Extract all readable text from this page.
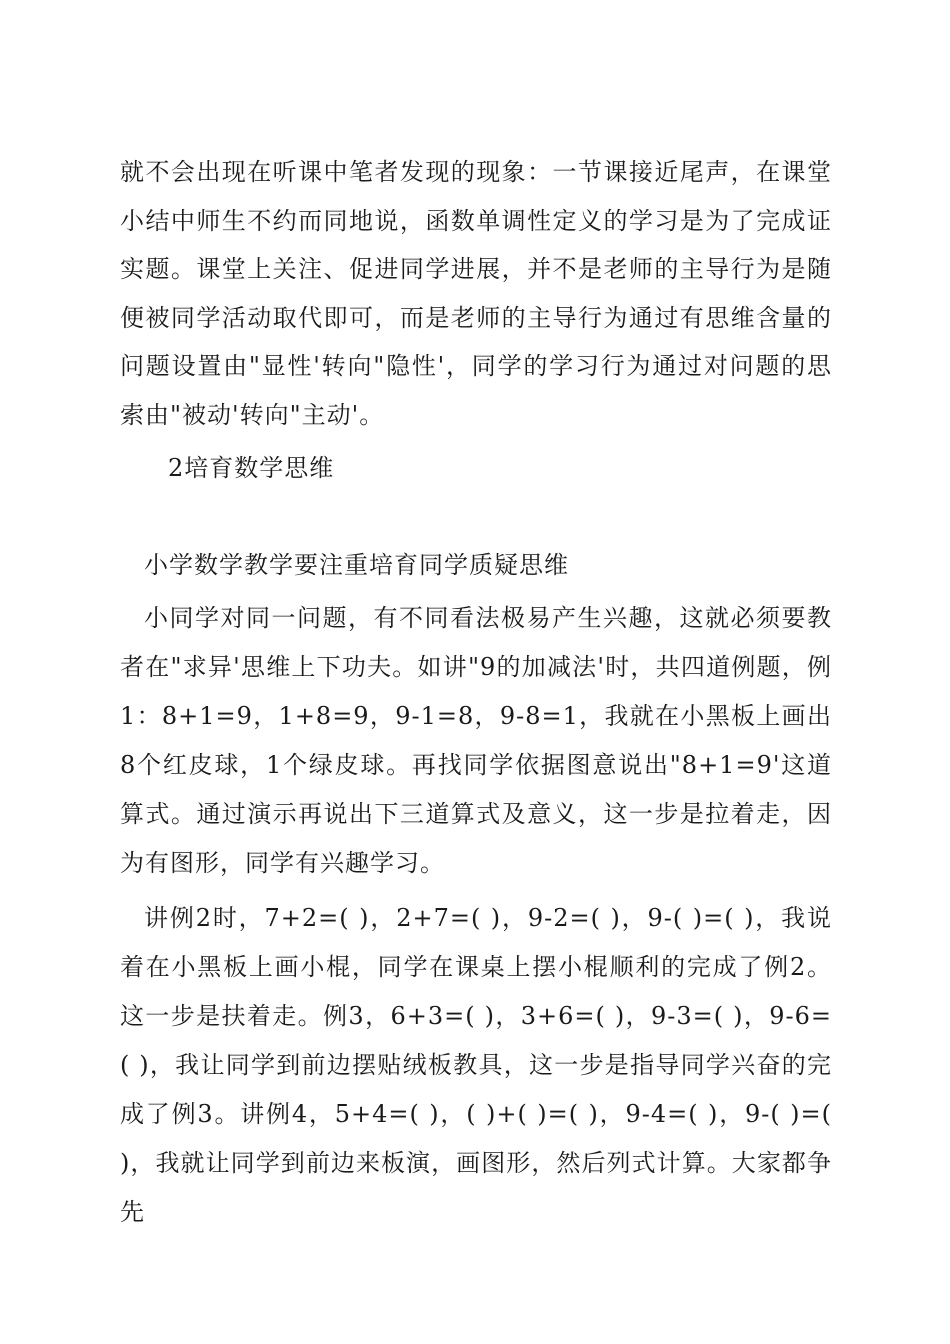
就不会出现在听课中笔者发现的现象：一节课接近尾声，在课堂小结中师生不约而同地说，函数单调性定义的学习是为了完成证实题。课堂上关注、促进同学进展，并不是老师的主导行为是随便被同学活动取代即可，而是老师的主导行为通过有思维含量的问题设置由"显性'转向"隐性'，同学的学习行为通过对问题的思索由"被动'转向"主动'。

2培育数学思维
小学数学教学要注重培育同学质疑思维

小同学对同一问题，有不同看法极易产生兴趣，这就必须要教者在"求异'思维上下功夫。如讲"9的加减法'时，共四道例题，例1：8+1=9，1+8=9，9-1=8，9-8=1，我就在小黑板上画出8个红皮球，1个绿皮球。再找同学依据图意说出"8+1=9'这道算式。通过演示再说出下三道算式及意义，这一步是拉着走，因为有图形，同学有兴趣学习。

讲例2时，7+2=( )，2+7=( )，9-2=( )，9-( )=( )，我说着在小黑板上画小棍，同学在课桌上摆小棍顺利的完成了例2。这一步是扶着走。例3，6+3=( )，3+6=( )，9-3=( )，9-6=( )，我让同学到前边摆贴绒板教具，这一步是指导同学兴奋的完成了例3。讲例4，5+4=( )，( )+( )=( )，9-4=( )，9-( )=( )，我就让同学到前边来板演，画图形，然后列式计算。大家都争先
